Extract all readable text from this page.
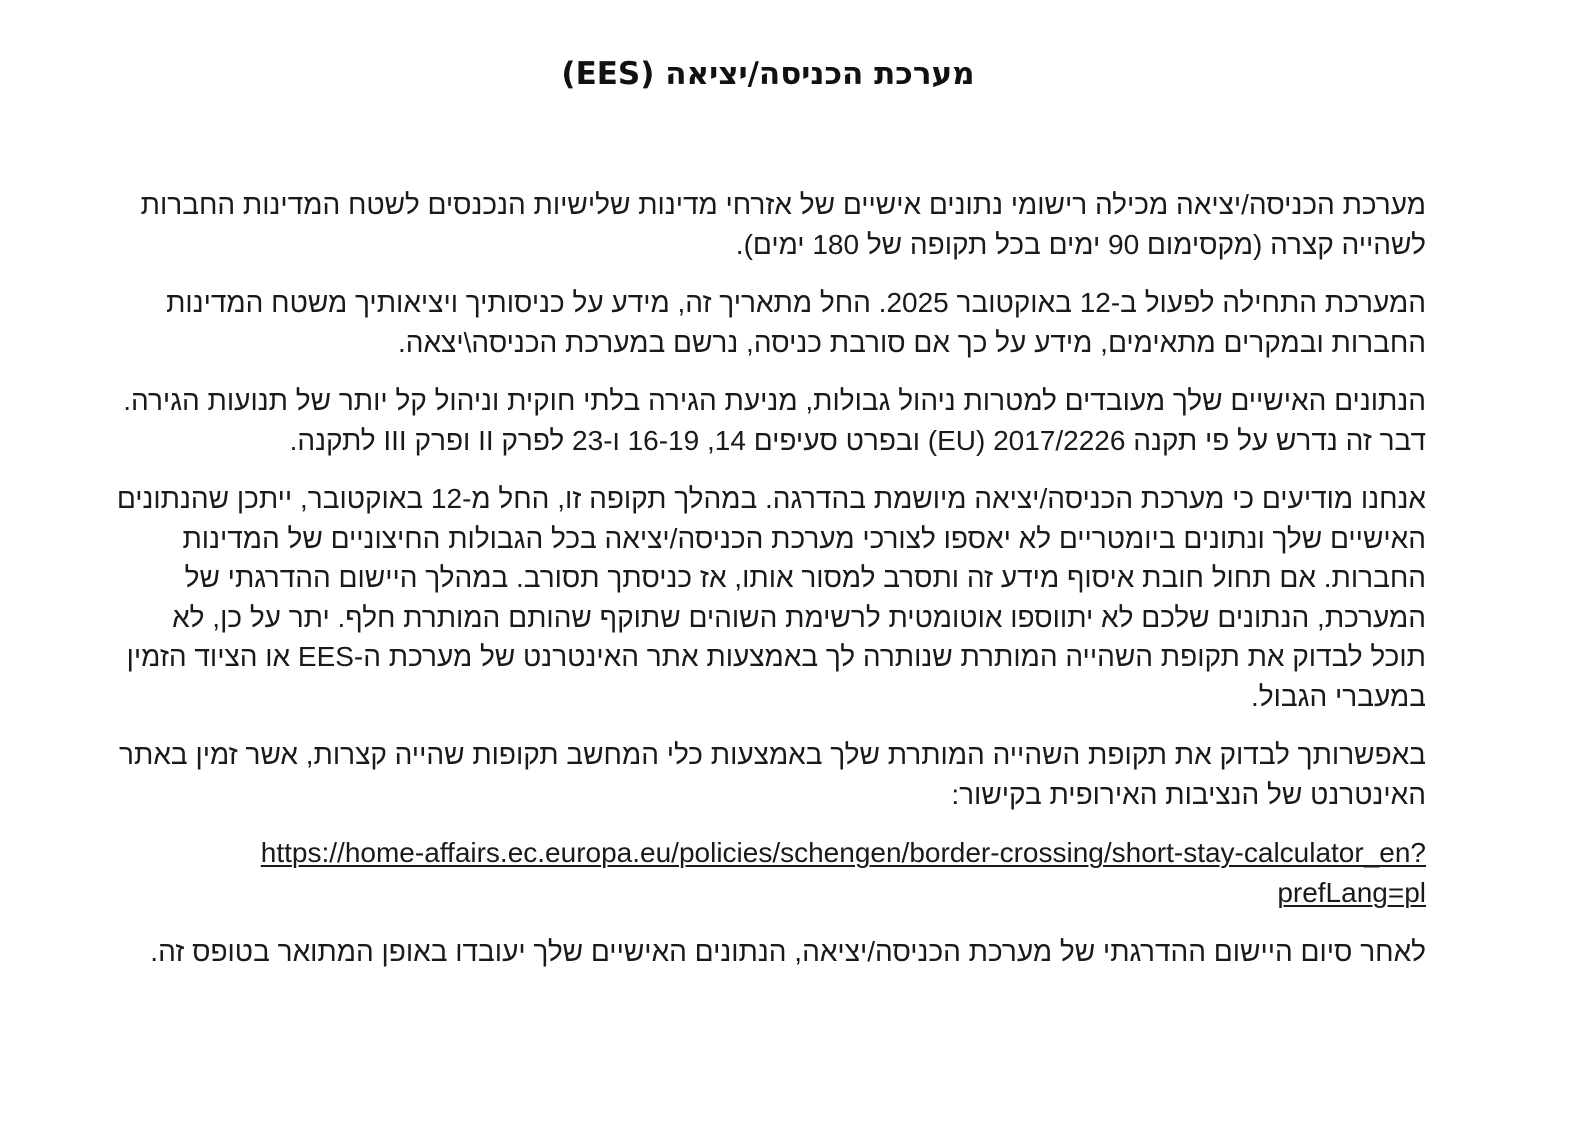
מערכת הכניסה/יציאה (EES)

מערכת הכניסה/יציאה מכילה רישומי נתונים אישיים של אזרחי מדינות שלישיות הנכנסים לשטח המדינות החברות לשהייה קצרה (מקסימום 90 ימים בכל תקופה של 180 ימים).

המערכת התחילה לפעול ב-12 באוקטובר 2025. החל מתאריך זה, מידע על כניסותיך ויציאותיך משטח המדינות החברות ובמקרים מתאימים, מידע על כך אם סורבת כניסה, נרשם במערכת הכניסה\יצאה.

הנתונים האישיים שלך מעובדים למטרות ניהול גבולות, מניעת הגירה בלתי חוקית וניהול קל יותר של תנועות הגירה. דבר זה נדרש על פי תקנה 2017/2226 (EU) ובפרט סעיפים 14, 16-19 ו-23 לפרק II ופרק III לתקנה.

אנחנו מודיעים כי מערכת הכניסה/יציאה מיושמת בהדרגה. במהלך תקופה זו, החל מ-12 באוקטובר, ייתכן שהנתונים האישיים שלך ונתונים ביומטריים לא יאספו לצורכי מערכת הכניסה/יציאה בכל הגבולות החיצוניים של המדינות החברות. אם תחול חובת איסוף מידע זה ותסרב למסור אותו, אז כניסתך תסורב. במהלך היישום ההדרגתי של המערכת, הנתונים שלכם לא יתווספו אוטומטית לרשימת השוהים שתוקף שהותם המותרת חלף. יתר על כן, לא תוכל לבדוק את תקופת השהייה המותרת שנותרה לך באמצעות אתר האינטרנט של מערכת ה-EES או הציוד הזמין במעברי הגבול.

באפשרותך לבדוק את תקופת השהייה המותרת שלך באמצעות כלי המחשב תקופות שהייה קצרות, אשר זמין באתר האינטרנט של הנציבות האירופית בקישור:

https://home-affairs.ec.europa.eu/policies/schengen/border-crossing/short-stay-calculator_en?prefLang=pl

לאחר סיום היישום ההדרגתי של מערכת הכניסה/יציאה, הנתונים האישיים שלך יעובדו באופן המתואר בטופס זה.
